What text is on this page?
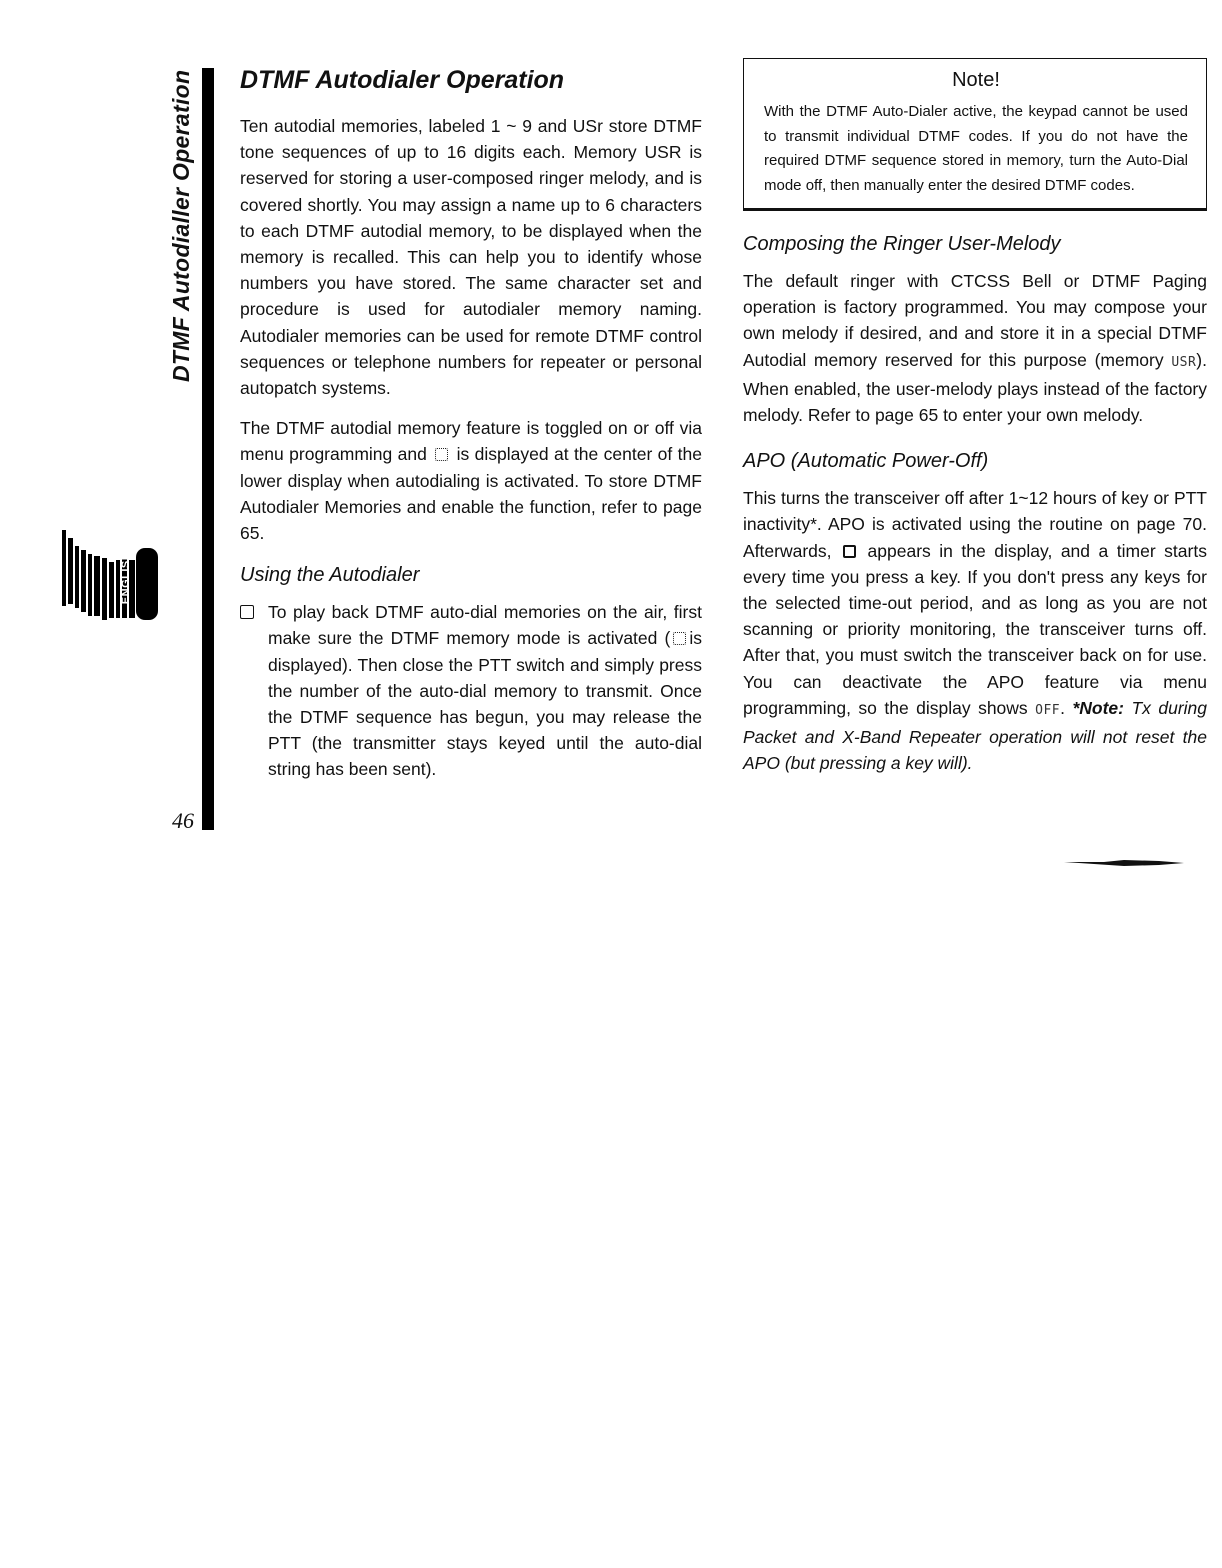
DTMF Autodialler Operation
ENGLISH
46
DTMF Autodialer Operation

Ten autodial memories, labeled 1 ~ 9 and USr store DTMF tone sequences of up to 16 digits each. Memory USR is reserved for storing a user-composed ringer melody, and is covered shortly. You may assign a name up to 6 characters to each DTMF autodial memory, to be displayed when the memory is recalled. This can help you to identify whose numbers you have stored. The same character set and procedure is used for autodialer memory naming. Autodialer memories can be used for remote DTMF control sequences or telephone numbers for repeater or personal autopatch systems.

The DTMF autodial memory feature is toggled on or off via menu programming and is displayed at the center of the lower display when autodialing is activated. To store DTMF Autodialer Memories and enable the function, refer to page 65.

Using the Autodialer

To play back DTMF auto-dial memories on the air, first make sure the DTMF memory mode is activated ( is displayed). Then close the PTT switch and simply press the number of the auto-dial memory to transmit. Once the DTMF sequence has begun, you may release the PTT (the transmitter stays keyed until the auto-dial string has been sent).

Note!

With the DTMF Auto-Dialer active, the keypad cannot be used to transmit individual DTMF codes. If you do not have the required DTMF sequence stored in memory, turn the Auto-Dial mode off, then manually enter the desired DTMF codes.

Composing the Ringer User-Melody

The default ringer with CTCSS Bell or DTMF Paging operation is factory programmed. You may compose your own melody if desired, and and store it in a special DTMF Autodial memory reserved for this purpose (memory USR). When enabled, the user-melody plays instead of the factory melody. Refer to page 65 to enter your own melody.

APO (Automatic Power-Off)

This turns the transceiver off after 1~12 hours of key or PTT inactivity*. APO is activated using the routine on page 70. Afterwards, appears in the display, and a timer starts every time you press a key. If you don't press any keys for the selected time-out period, and as long as you are not scanning or priority monitoring, the transceiver turns off. After that, you must switch the transceiver back on for use. You can deactivate the APO feature via menu programming, so the display shows OFF. *Note: Tx during Packet and X-Band Repeater operation will not reset the APO (but pressing a key will).
